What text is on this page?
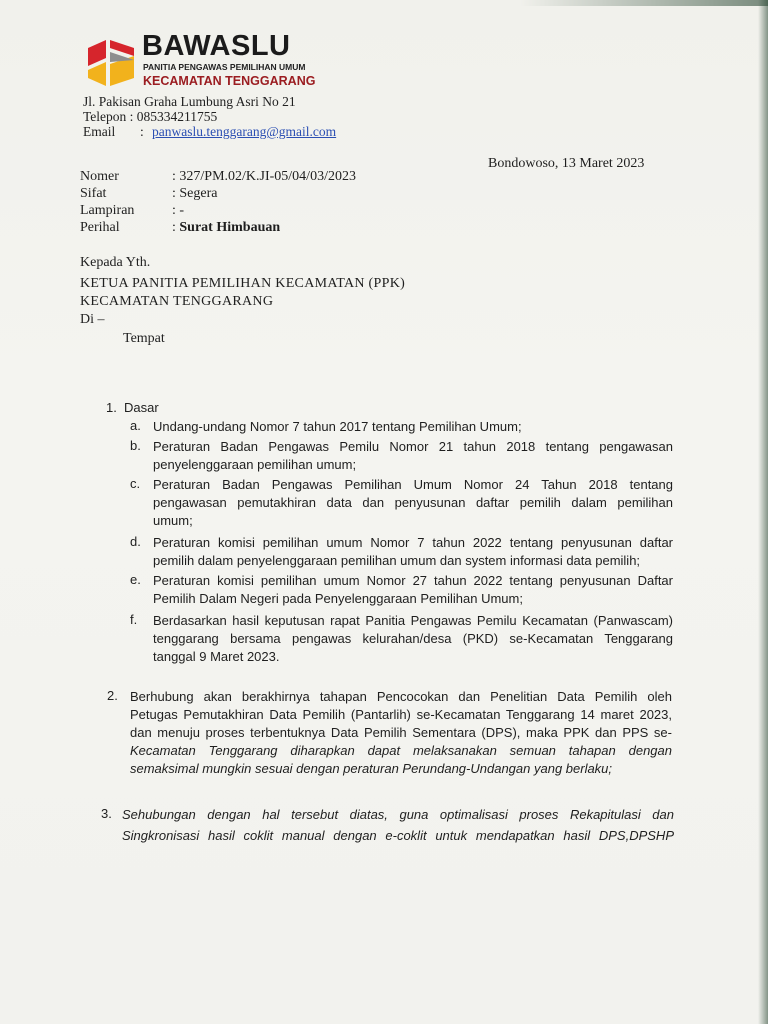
BAWASLU
PANITIA PENGAWAS PEMILIHAN UMUM
KECAMATAN TENGGARANG
Jl. Pakisan Graha Lumbung Asri No 21
Telepon : 085334211755
Email : panwaslu.tenggarang@gmail.com
Bondowoso, 13 Maret 2023
Nomer	: 327/PM.02/K.JI-05/04/03/2023
Sifat	: Segera
Lampiran	: -
Perihal	: Surat Himbauan
Kepada Yth.
KETUA PANITIA PEMILIHAN KECAMATAN (PPK)
KECAMATAN TENGGARANG
Di –
Tempat
1. Dasar
a. Undang-undang Nomor 7 tahun 2017 tentang Pemilihan Umum;
b. Peraturan Badan Pengawas Pemilu Nomor 21 tahun 2018 tentang pengawasan
penyelenggaraan pemilihan umum;
c. Peraturan Badan Pengawas Pemilihan Umum Nomor 24 Tahun 2018 tentang
pengawasan pemutakhiran data dan penyusunan daftar pemilih dalam pemilihan
umum;
d. Peraturan komisi pemilihan umum Nomor 7 tahun 2022 tentang penyusunan daftar
pemilih dalam penyelenggaraan pemilihan umum dan system informasi data pemilih;
e. Peraturan komisi pemilihan umum Nomor 27 tahun 2022 tentang penyusunan Daftar
Pemilih Dalam Negeri pada Penyelenggaraan Pemilihan Umum;
f. Berdasarkan hasil keputusan rapat Panitia Pengawas Pemilu Kecamatan (Panwascam)
tenggarang bersama pengawas kelurahan/desa (PKD) se-Kecamatan Tenggarang
tanggal 9 Maret 2023.
2. Berhubung akan berakhirnya tahapan Pencocokan dan Penelitian Data Pemilih oleh
Petugas Pemutakhiran Data Pemilih (Pantarlih) se-Kecamatan Tenggarang 14 maret 2023,
dan menuju proses terbentuknya Data Pemilih Sementara (DPS), maka PPK dan PPS se-
Kecamatan Tenggarang diharapkan dapat melaksanakan semuan tahapan dengan
semaksimal mungkin sesuai dengan peraturan Perundang-Undangan yang berlaku;
3. Sehubungan dengan hal tersebut diatas, guna optimalisasi proses Rekapitulasi dan
Singkronisasi hasil coklit manual dengan e-coklit untuk mendapatkan hasil DPS,DPSHP
